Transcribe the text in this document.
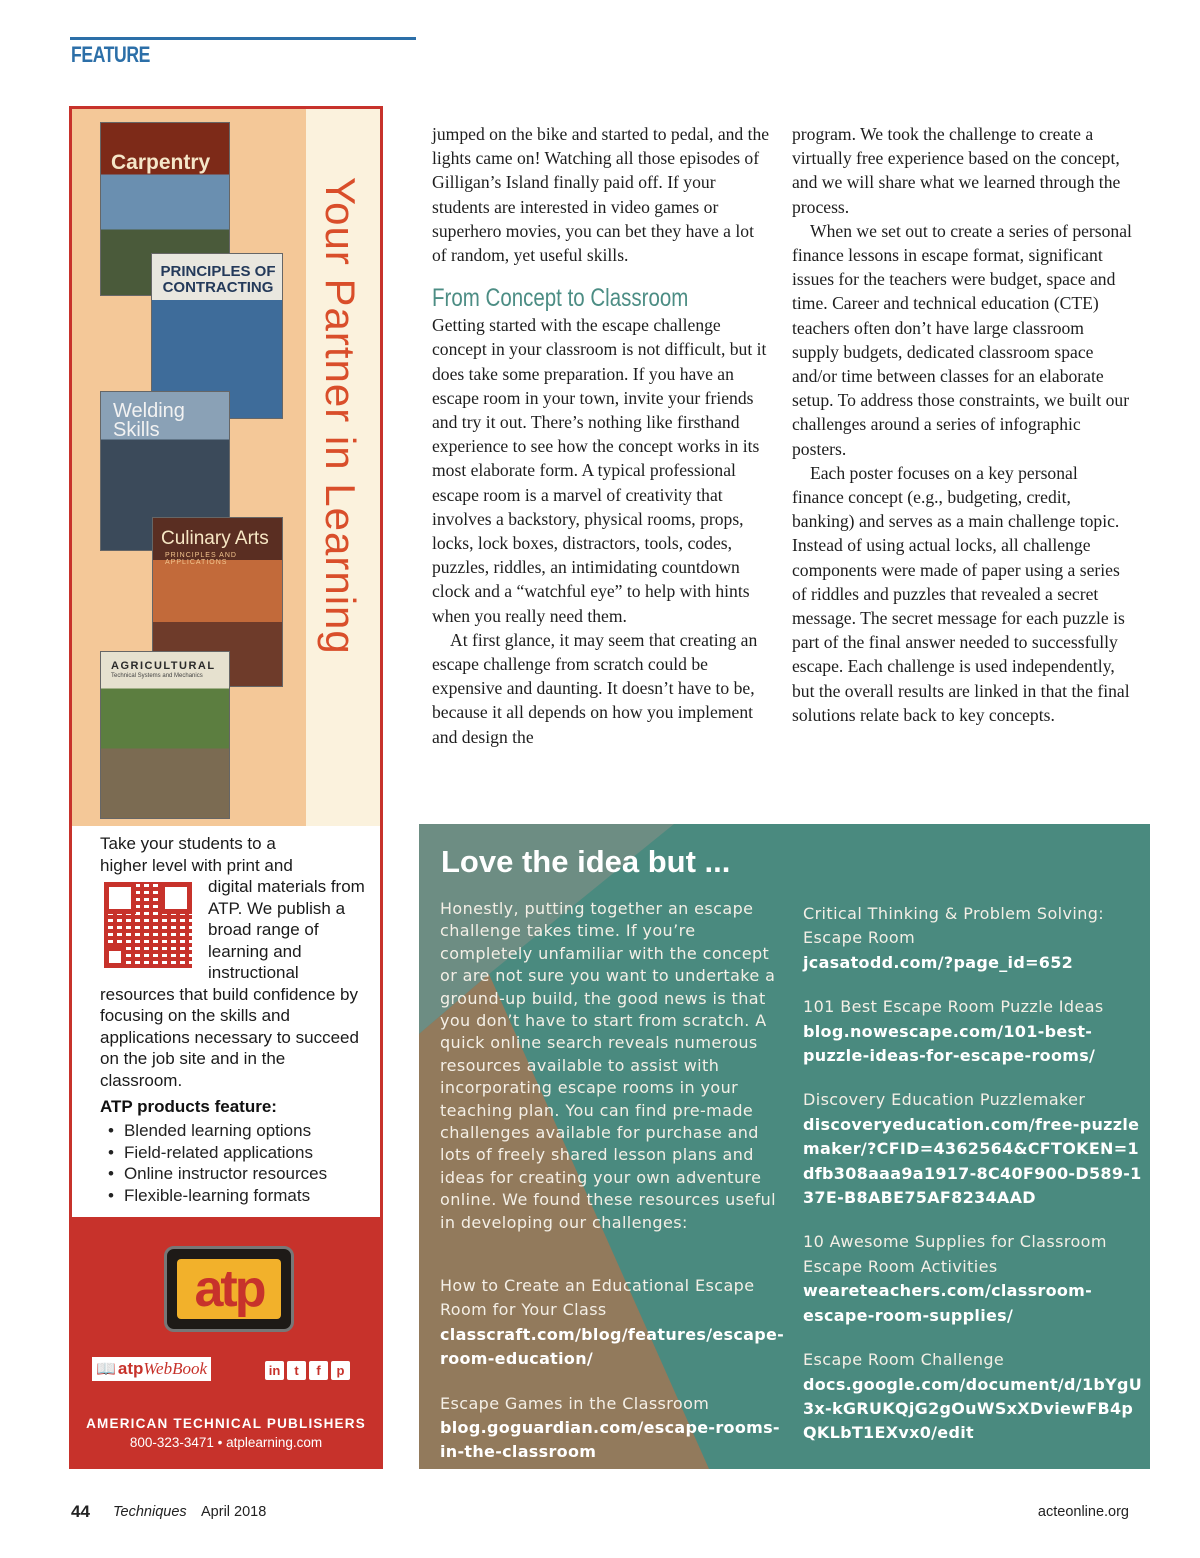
FEATURE
Your Partner in Learning
Carpentry
PRINCIPLES OF CONTRACTING
Welding Skills
Culinary Arts
PRINCIPLES AND APPLICATIONS
AGRICULTURAL
Technical Systems and Mechanics
Take your students to a
higher level with print and
digital materials from ATP. We publish a broad range of learning and instructional
resources that build confidence by focusing on the skills and applications necessary to succeed on the job site and in the classroom.
ATP products feature:
• Blended learning options
• Field-related applications
• Online instructor resources
• Flexible-learning formats
atp
📖 atp WebBook	in	t	f	p
AMERICAN TECHNICAL PUBLISHERS
800-323-3471 • atplearning.com

jumped on the bike and started to pedal, and the lights came on! Watching all those episodes of Gilligan’s Island finally paid off. If your students are interested in video games or superhero movies, you can bet they have a lot of random, yet useful skills.

From Concept to Classroom

Getting started with the escape challenge concept in your classroom is not difficult, but it does take some preparation. If you have an escape room in your town, invite your friends and try it out. There’s nothing like firsthand experience to see how the concept works in its most elaborate form. A typical professional escape room is a marvel of creativity that involves a backstory, physical rooms, props, locks, lock boxes, distractors, tools, codes, puzzles, riddles, an intimidating countdown clock and a “watchful eye” to help with hints when you really need them.

At first glance, it may seem that creating an escape challenge from scratch could be expensive and daunting. It doesn’t have to be, because it all depends on how you implement and design the

program. We took the challenge to create a virtually free experience based on the concept, and we will share what we learned through the process.

When we set out to create a series of personal finance lessons in escape format, significant issues for the teachers were budget, space and time. Career and technical education (CTE) teachers often don’t have large classroom supply budgets, dedicated classroom space and/or time between classes for an elaborate setup. To address those constraints, we built our challenges around a series of infographic posters.

Each poster focuses on a key personal finance concept (e.g., budgeting, credit, banking) and serves as a main challenge topic. Instead of using actual locks, all challenge components were made of paper using a series of riddles and puzzles that revealed a secret message. The secret message for each puzzle is part of the final answer needed to successfully escape. Each challenge is used independently, but the overall results are linked in that the final solutions relate back to key concepts.

Love the idea but ...
Honestly, putting together an escape challenge takes time. If you’re completely unfamiliar with the concept or are not sure you want to undertake a ground-up build, the good news is that you don’t have to start from scratch. A quick online search reveals numerous resources available to assist with incorporating escape rooms in your teaching plan. You can find pre-made challenges available for purchase and lots of freely shared lesson plans and ideas for creating your own adventure online. We found these resources useful in developing our challenges:
How to Create an Educational Escape Room for Your Class
classcraft.com/blog/features/escape-room-education/
Escape Games in the Classroom
blog.goguardian.com/escape-rooms-in-the-classroom
Critical Thinking & Problem Solving: Escape Room
jcasatodd.com/?page_id=652
101 Best Escape Room Puzzle Ideas
blog.nowescape.com/101-best-puzzle-ideas-for-escape-rooms/
Discovery Education Puzzlemaker
discoveryeducation.com/free-puzzlemaker/?CFID=4362564&CFTOKEN=1dfb308aaa9a1917-8C40F900-D589-137E-B8ABE75AF8234AAD
10 Awesome Supplies for Classroom Escape Room Activities
weareteachers.com/classroom-escape-room-supplies/
Escape Room Challenge
docs.google.com/document/d/1bYgU3x-kGRUKQjG2gOuWSxXDviewFB4pQKLbT1EXvx0/edit
44 Techniques April 2018	acteonline.org
